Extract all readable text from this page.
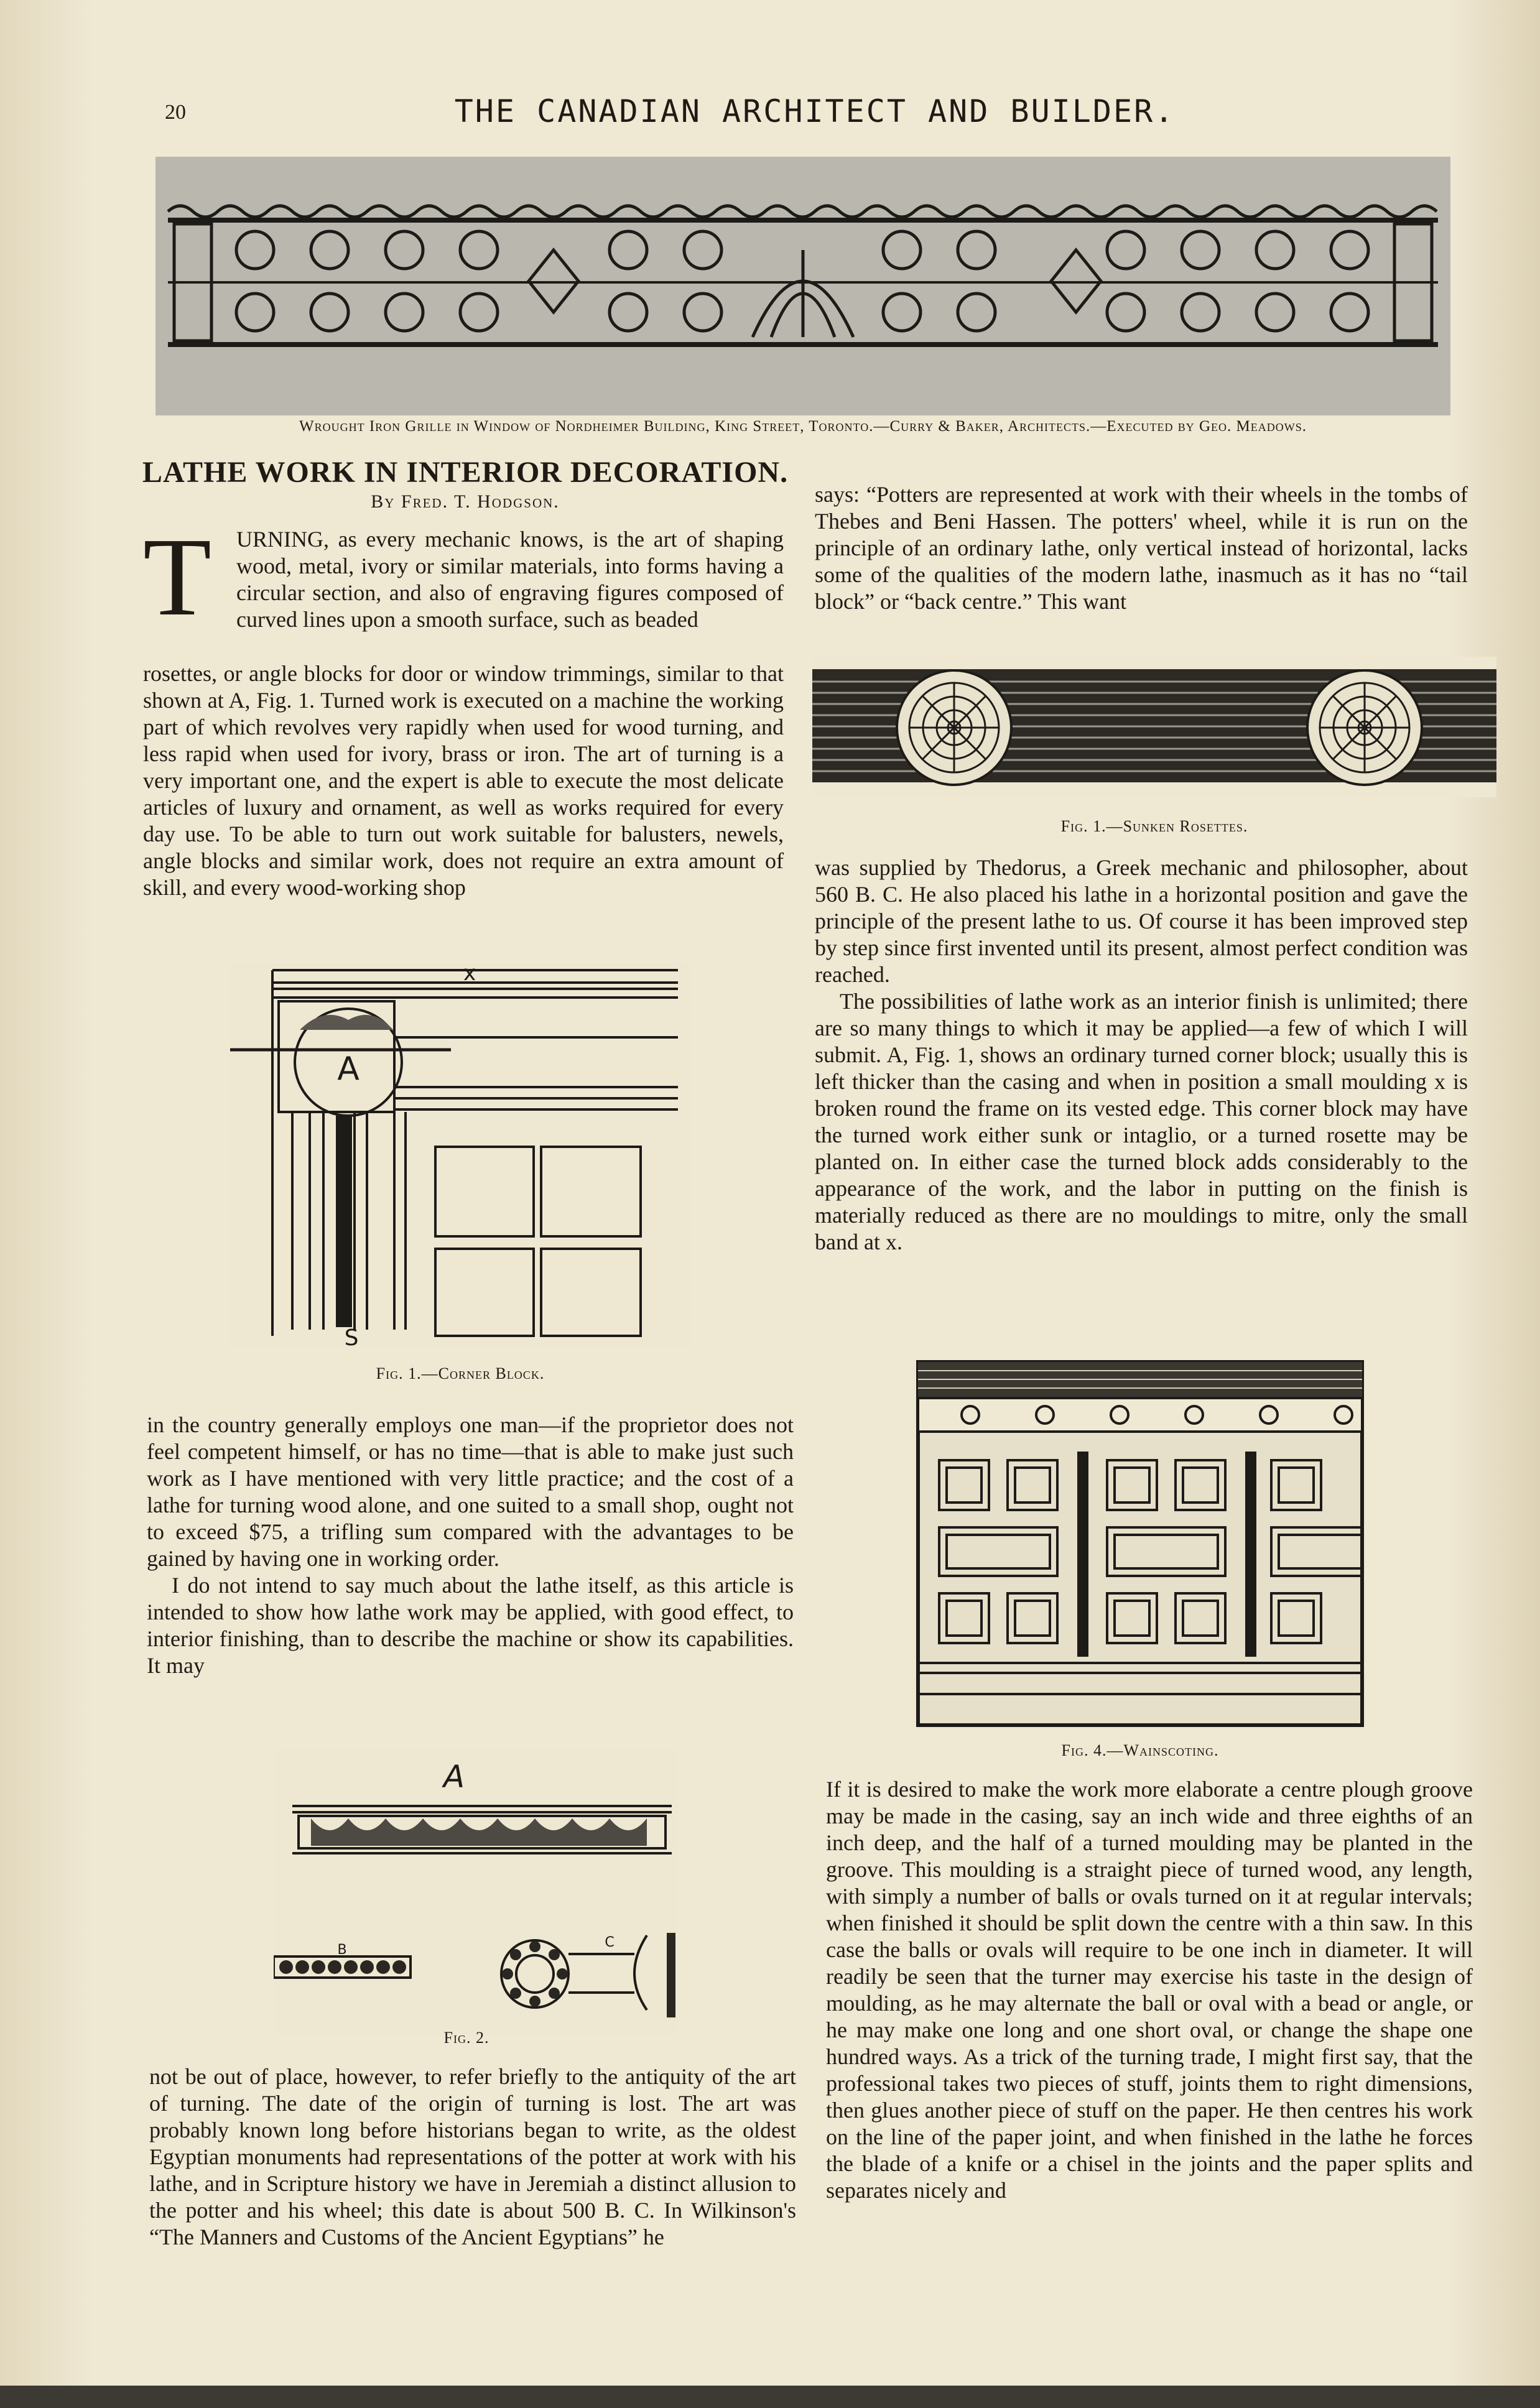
20	THE CANADIAN ARCHITECT AND BUILDER.
Wrought Iron Grille in Window of Nordheimer Building, King Street, Toronto.—Curry & Baker, Architects.—Executed by Geo. Meadows.
LATHE WORK IN INTERIOR DECORATION.
By Fred. T. Hodgson.
T URNING, as every mechanic knows, is the art of shaping wood, metal, ivory or similar materials, into forms having a circular section, and also of engraving figures composed of curved lines upon a smooth surface, such as beaded

rosettes, or angle blocks for door or window trimmings, similar to that shown at A, Fig. 1. Turned work is executed on a machine the working part of which revolves very rapidly when used for wood turning, and less rapid when used for ivory, brass or iron. The art of turning is a very important one, and the expert is able to execute the most delicate articles of luxury and ornament, as well as works required for every day use. To be able to turn out work suitable for balusters, newels, angle blocks and similar work, does not require an extra amount of skill, and every wood-working shop

A
x
S
Fig. 1.—Corner Block.

in the country generally employs one man—if the proprietor does not feel competent himself, or has no time—that is able to make just such work as I have mentioned with very little practice; and the cost of a lathe for turning wood alone, and one suited to a small shop, ought not to exceed $75, a trifling sum compared with the advantages to be gained by having one in working order.

I do not intend to say much about the lathe itself, as this article is intended to show how lathe work may be applied, with good effect, to interior finishing, than to describe the machine or show its capabilities. It may

A
B	C
Fig. 2.

not be out of place, however, to refer briefly to the antiquity of the art of turning. The date of the origin of turning is lost. The art was probably known long before historians began to write, as the oldest Egyptian monuments had representations of the potter at work with his lathe, and in Scripture history we have in Jeremiah a distinct allusion to the potter and his wheel; this date is about 500 B. C. In Wilkinson's “The Manners and Customs of the Ancient Egyptians” he

says: “Potters are represented at work with their wheels in the tombs of Thebes and Beni Hassen. The potters' wheel, while it is run on the principle of an ordinary lathe, only vertical instead of horizontal, lacks some of the qualities of the modern lathe, inasmuch as it has no “tail block” or “back centre.” This want

Fig. 1.—Sunken Rosettes.

was supplied by Thedorus, a Greek mechanic and philosopher, about 560 B. C. He also placed his lathe in a horizontal position and gave the principle of the present lathe to us. Of course it has been improved step by step since first invented until its present, almost perfect condition was reached.

The possibilities of lathe work as an interior finish is unlimited; there are so many things to which it may be applied—a few of which I will submit. A, Fig. 1, shows an ordinary turned corner block; usually this is left thicker than the casing and when in position a small moulding x is broken round the frame on its vested edge. This corner block may have the turned work either sunk or intaglio, or a turned rosette may be planted on. In either case the turned block adds considerably to the appearance of the work, and the labor in putting on the finish is materially reduced as there are no mouldings to mitre, only the small band at x.

Fig. 4.—Wainscoting.

If it is desired to make the work more elaborate a centre plough groove may be made in the casing, say an inch wide and three eighths of an inch deep, and the half of a turned moulding may be planted in the groove. This moulding is a straight piece of turned wood, any length, with simply a number of balls or ovals turned on it at regular intervals; when finished it should be split down the centre with a thin saw. In this case the balls or ovals will require to be one inch in diameter. It will readily be seen that the turner may exercise his taste in the design of moulding, as he may alternate the ball or oval with a bead or angle, or he may make one long and one short oval, or change the shape one hundred ways. As a trick of the turning trade, I might first say, that the professional takes two pieces of stuff, joints them to right dimensions, then glues another piece of stuff on the paper. He then centres his work on the line of the paper joint, and when finished in the lathe he forces the blade of a knife or a chisel in the joints and the paper splits and separates nicely and
